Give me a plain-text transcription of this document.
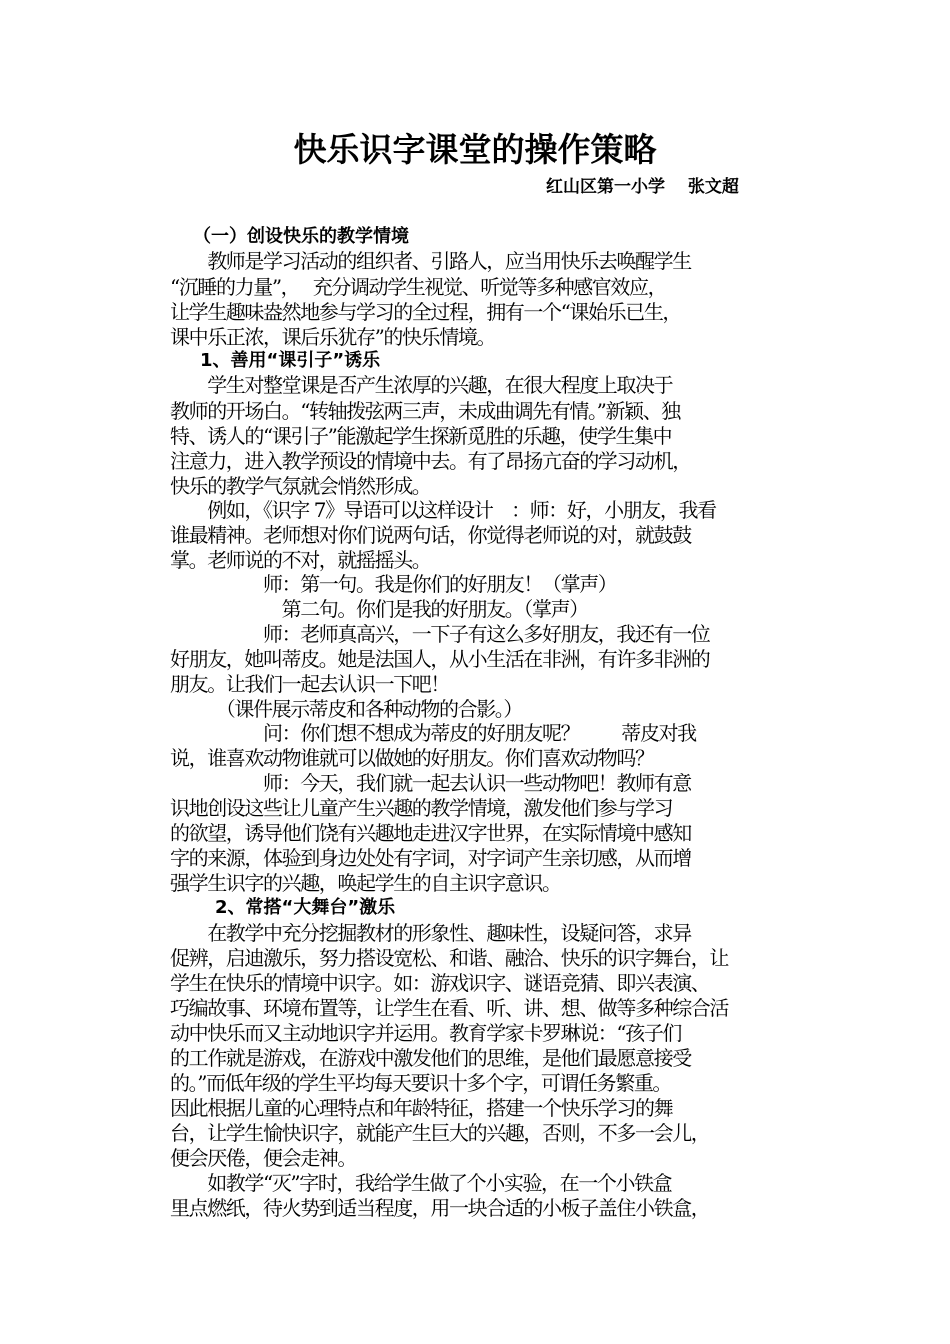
快乐识字课堂的操作策略
红山区第一小学　 张文超
（一）创设快乐的教学情境
　　教师是学习活动的组织者、引路人，应当用快乐去唤醒学生
“沉睡的力量”，　 充分调动学生视觉、听觉等多种感官效应，
让学生趣味盎然地参与学习的全过程，拥有一个“课始乐已生，
课中乐正浓，课后乐犹存”的快乐情境。
1、善用“课引子”诱乐
　　学生对整堂课是否产生浓厚的兴趣，在很大程度上取决于
教师的开场白。“转轴拨弦两三声，未成曲调先有情。”新颖、独
特、诱人的“课引子”能激起学生探新觅胜的乐趣，使学生集中
注意力，进入教学预设的情境中去。有了昂扬亢奋的学习动机，
快乐的教学气氛就会悄然形成。
　　例如，《识字 7》导语可以这样设计　：师：好，小朋友，我看
谁最精神。老师想对你们说两句话，你觉得老师说的对，就鼓鼓
掌。老师说的不对，就摇摇头。
　　　　　师：第一句。我是你们的好朋友！（掌声）
　　　　　　第二句。你们是我的好朋友。（掌声）
　　　　　师：老师真高兴，一下子有这么多好朋友，我还有一位
好朋友，她叫蒂皮。她是法国人，从小生活在非洲，有许多非洲的
朋友。让我们一起去认识一下吧！
　　　（课件展示蒂皮和各种动物的合影。）
　　　　　问：你们想不想成为蒂皮的好朋友呢？　　 蒂皮对我
说，谁喜欢动物谁就可以做她的好朋友。你们喜欢动物吗？
　　　　　师：今天，我们就一起去认识一些动物吧！教师有意
识地创设这些让儿童产生兴趣的教学情境，激发他们参与学习
的欲望，诱导他们饶有兴趣地走进汉字世界，在实际情境中感知
字的来源，体验到身边处处有字词，对字词产生亲切感，从而增
强学生识字的兴趣，唤起学生的自主识字意识。
2、常搭“大舞台”激乐
　　在教学中充分挖掘教材的形象性、趣味性，设疑问答，求异
促辨，启迪激乐，努力搭设宽松、和谐、融洽、快乐的识字舞台，让
学生在快乐的情境中识字。如：游戏识字、谜语竞猜、即兴表演、
巧编故事、环境布置等，让学生在看、听、讲、想、做等多种综合活
动中快乐而又主动地识字并运用。教育学家卡罗琳说：“孩子们
的工作就是游戏，在游戏中激发他们的思维，是他们最愿意接受
的。”而低年级的学生平均每天要识十多个字，可谓任务繁重。
因此根据儿童的心理特点和年龄特征，搭建一个快乐学习的舞
台，让学生愉快识字，就能产生巨大的兴趣，否则，不多一会儿，
便会厌倦，便会走神。
　　如教学“灭”字时，我给学生做了个小实验，在一个小铁盒
里点燃纸，待火势到适当程度，用一块合适的小板子盖住小铁盒，
